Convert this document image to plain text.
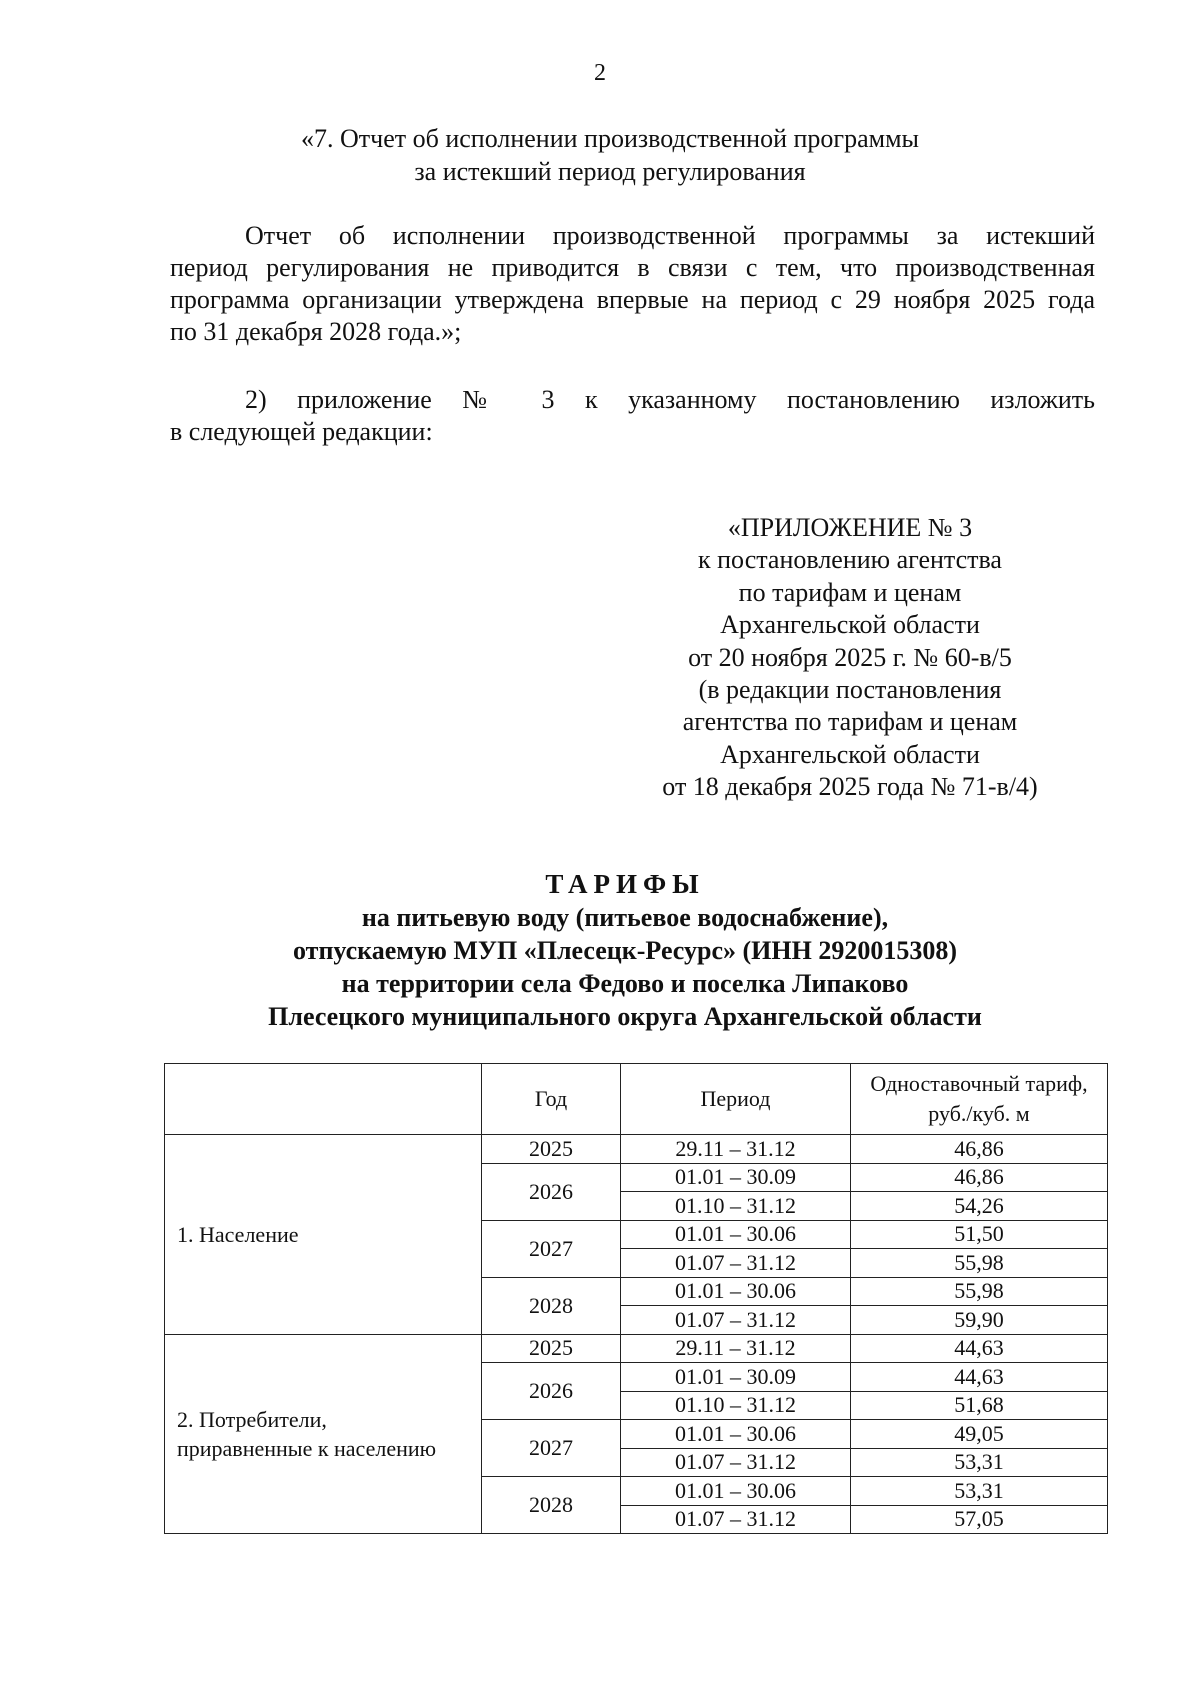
2
«7. Отчет об исполнении производственной программы
за истекший период регулирования
Отчет об исполнении производственной программы за истекший
период регулирования не приводится в связи с тем, что производственная
программа организации утверждена впервые на период с 29 ноября 2025 года
по 31 декабря 2028 года.»;
2) приложение № 3 к указанному постановлению изложить
в следующей редакции:
«ПРИЛОЖЕНИЕ № 3
к постановлению агентства
по тарифам и ценам
Архангельской области
от 20 ноября 2025 г. № 60-в/5
(в редакции постановления
агентства по тарифам и ценам
Архангельской области
от 18 декабря 2025 года № 71-в/4)
ТАРИФЫ
на питьевую воду (питьевое водоснабжение),
отпускаемую МУП «Плесецк-Ресурс» (ИНН 2920015308)
на территории села Федово и поселка Липаково
Плесецкого муниципального округа Архангельской области
	Год	Период	Одноставочный тариф,
руб./куб. м

1. Население	2025	29.11 – 31.12	46,86
	2026	01.01 – 30.09	46,86
		01.10 – 31.12	54,26
	2027	01.01 – 30.06	51,50
		01.07 – 31.12	55,98
	2028	01.01 – 30.06	55,98
		01.07 – 31.12	59,90

2. Потребители,
приравненные к населению	2025	29.11 – 31.12	44,63
	2026	01.01 – 30.09	44,63
		01.10 – 31.12	51,68
	2027	01.01 – 30.06	49,05
		01.07 – 31.12	53,31
	2028	01.01 – 30.06	53,31
		01.07 – 31.12	57,05
